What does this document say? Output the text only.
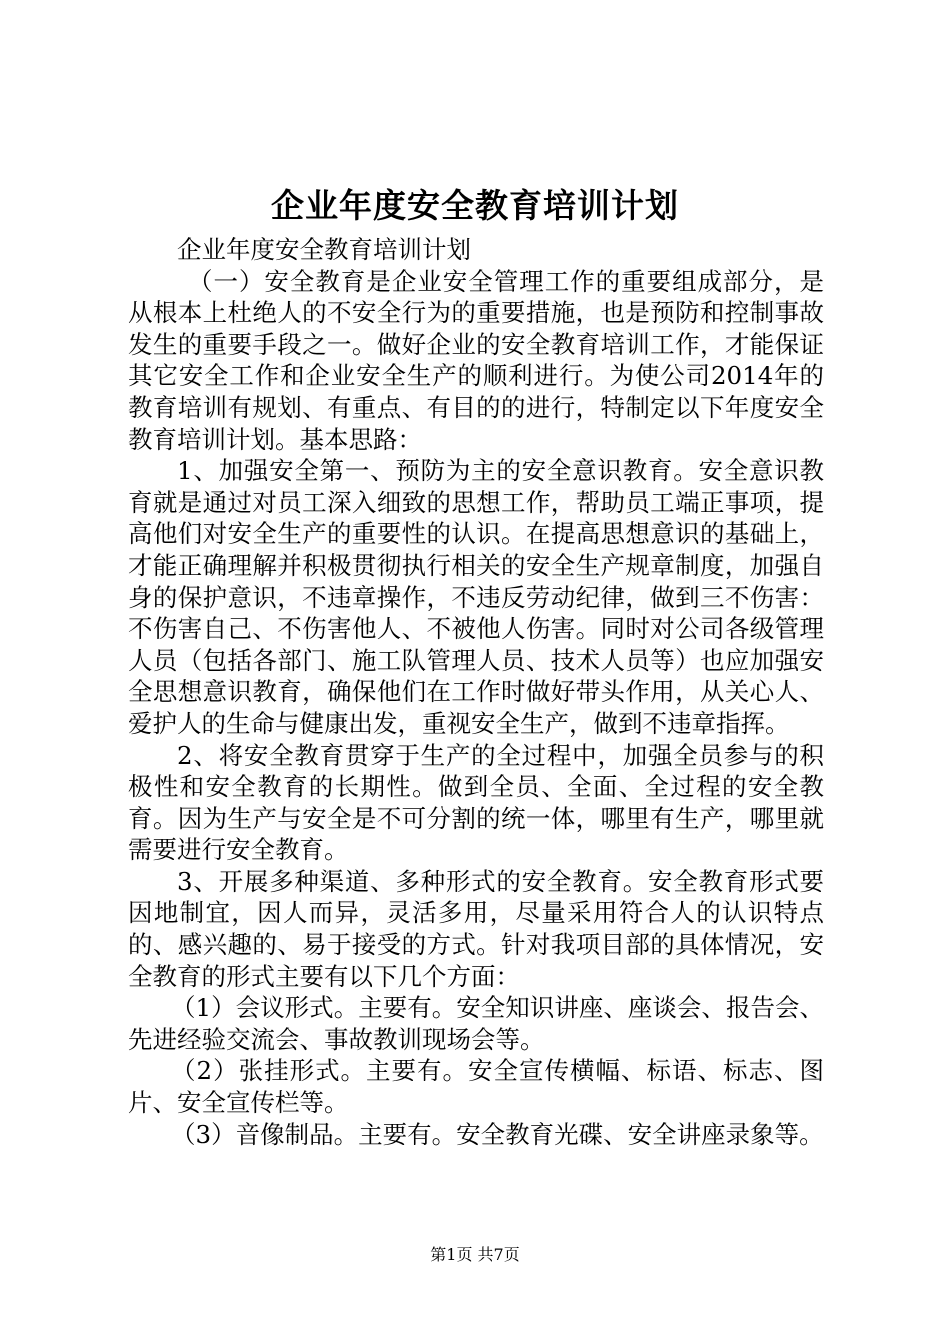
企业年度安全教育培训计划

企业年度安全教育培训计划

（一）安全教育是企业安全管理工作的重要组成部分，是从根本上杜绝人的不安全行为的重要措施，也是预防和控制事故发生的重要手段之一。做好企业的安全教育培训工作，才能保证其它安全工作和企业安全生产的顺利进行。为使公司2014年的教育培训有规划、有重点、有目的的进行，特制定以下年度安全教育培训计划。基本思路：

1、加强安全第一、预防为主的安全意识教育。安全意识教育就是通过对员工深入细致的思想工作，帮助员工端正事项，提高他们对安全生产的重要性的认识。在提高思想意识的基础上，才能正确理解并积极贯彻执行相关的安全生产规章制度，加强自身的保护意识，不违章操作，不违反劳动纪律，做到三不伤害：不伤害自己、不伤害他人、不被他人伤害。同时对公司各级管理人员（包括各部门、施工队管理人员、技术人员等）也应加强安全思想意识教育，确保他们在工作时做好带头作用，从关心人、爱护人的生命与健康出发，重视安全生产，做到不违章指挥。

2、将安全教育贯穿于生产的全过程中，加强全员参与的积极性和安全教育的长期性。做到全员、全面、全过程的安全教育。因为生产与安全是不可分割的统一体，哪里有生产，哪里就需要进行安全教育。

3、开展多种渠道、多种形式的安全教育。安全教育形式要因地制宜，因人而异，灵活多用，尽量采用符合人的认识特点的、感兴趣的、易于接受的方式。针对我项目部的具体情况，安全教育的形式主要有以下几个方面：

（1）会议形式。主要有。安全知识讲座、座谈会、报告会、先进经验交流会、事故教训现场会等。

（2）张挂形式。主要有。安全宣传横幅、标语、标志、图片、安全宣传栏等。

（3）音像制品。主要有。安全教育光碟、安全讲座录象等。

第1页 共7页
